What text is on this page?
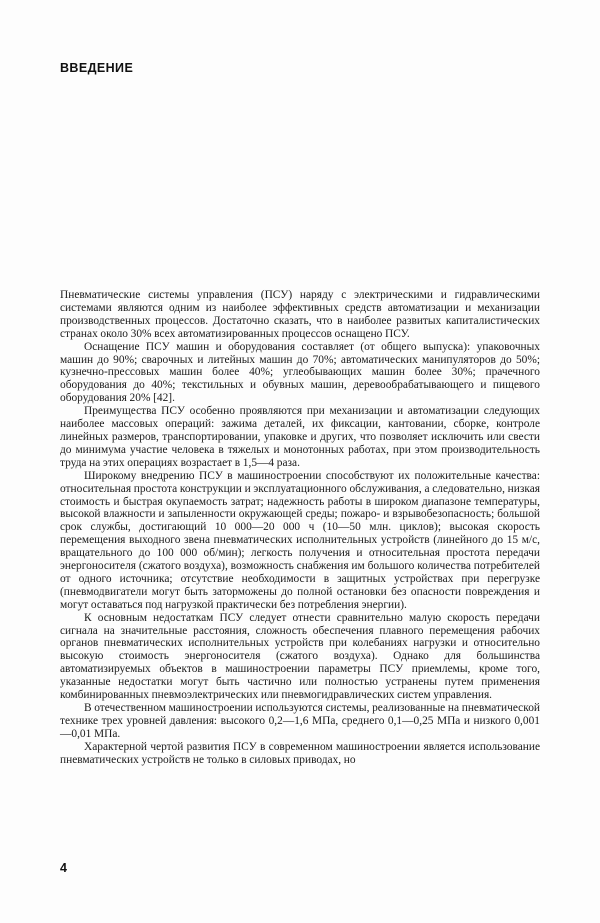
ВВЕДЕНИЕ

Пневматические системы управления (ПСУ) наряду с электрическими и гидравлическими системами являются одним из наиболее эффективных средств автоматизации и механизации производственных процессов. Достаточно сказать, что в наиболее развитых капиталистических странах около 30% всех автоматизированных процессов оснащено ПСУ.

Оснащение ПСУ машин и оборудования составляет (от общего выпуска): упаковочных машин до 90%; сварочных и литейных машин до 70%; автоматических манипуляторов до 50%; кузнечно-прессовых машин более 40%; углеобывающих машин более 30%; прачечного оборудования до 40%; текстильных и обувных машин, деревообрабатывающего и пищевого оборудования 20% [42].

Преимущества ПСУ особенно проявляются при механизации и автоматизации следующих наиболее массовых операций: зажима деталей, их фиксации, кантовании, сборке, контроле линейных размеров, транспортировании, упаковке и других, что позволяет исключить или свести до минимума участие человека в тяжелых и монотонных работах, при этом производительность труда на этих операциях возрастает в 1,5—4 раза.

Широкому внедрению ПСУ в машиностроении способствуют их положительные качества: относительная простота конструкции и эксплуатационного обслуживания, а следовательно, низкая стоимость и быстрая окупаемость затрат; надежность работы в широком диапазоне температуры, высокой влажности и запыленности окружающей среды; пожаро- и взрывобезопасность; большой срок службы, достигающий 10 000—20 000 ч (10—50 млн. циклов); высокая скорость перемещения выходного звена пневматических исполнительных устройств (линейного до 15 м/с, вращательного до 100 000 об/мин); легкость получения и относительная простота передачи энергоносителя (сжатого воздуха), возможность снабжения им большого количества потребителей от одного источника; отсутствие необходимости в защитных устройствах при перегрузке (пневмодвигатели могут быть заторможены до полной остановки без опасности повреждения и могут оставаться под нагрузкой практически без потребления энергии).

К основным недостаткам ПСУ следует отнести сравнительно малую скорость передачи сигнала на значительные расстояния, сложность обеспечения плавного перемещения рабочих органов пневматических исполнительных устройств при колебаниях нагрузки и относительно высокую стоимость энергоносителя (сжатого воздуха). Однако для большинства автоматизируемых объектов в машиностроении параметры ПСУ приемлемы, кроме того, указанные недостатки могут быть частично или полностью устранены путем применения комбинированных пневмоэлектрических или пневмогидравлических систем управления.

В отечественном машиностроении используются системы, реализованные на пневматической технике трех уровней давления: высокого 0,2—1,6 МПа, среднего 0,1—0,25 МПа и низкого 0,001—0,01 МПа.

Характерной чертой развития ПСУ в современном машиностроении является использование пневматических устройств не только в силовых приводах, но

4
